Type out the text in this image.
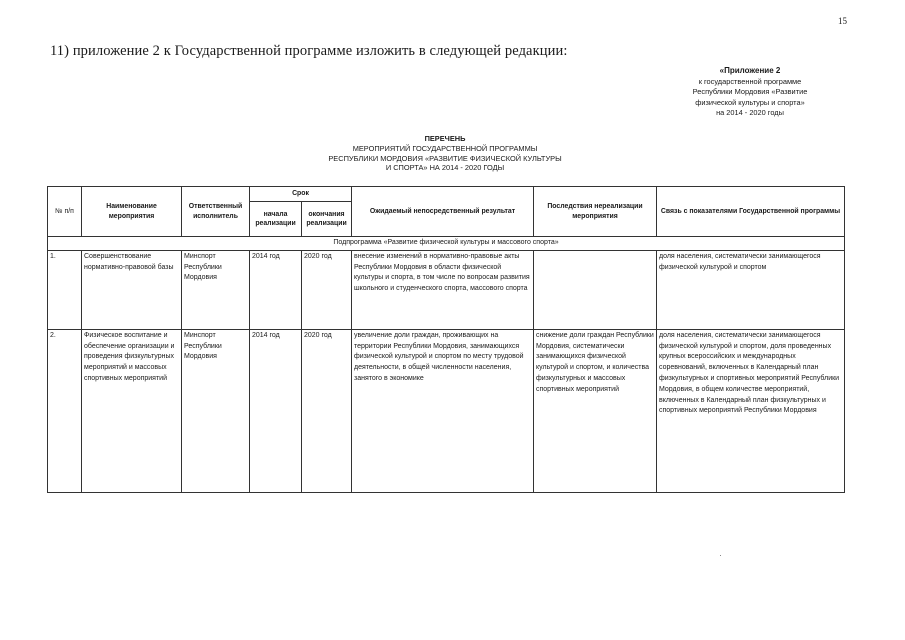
15
11) приложение 2 к Государственной программе изложить в следующей редакции:
«Приложение 2
к государственной программе
Республики Мордовия «Развитие
физической культуры и спорта»
на 2014 - 2020 годы
ПЕРЕЧЕНЬ
МЕРОПРИЯТИЙ ГОСУДАРСТВЕННОЙ ПРОГРАММЫ
РЕСПУБЛИКИ МОРДОВИЯ «РАЗВИТИЕ ФИЗИЧЕСКОЙ КУЛЬТУРЫ
И СПОРТА» НА 2014 - 2020 ГОДЫ
№ п/п	Наименование мероприятия	Ответственный исполнитель	Срок		Ожидаемый непосредственный результат	Последствия нереализации мероприятия	Связь с показателями Государственной программы
			начала реализации	окончания реализации			
Подпрограмма «Развитие физической культуры и массового спорта»							
1.	Совершенствование нормативно-правовой базы	Минспорт Республики Мордовия	2014 год	2020 год	внесение изменений в нормативно-правовые акты Республики Мордовия в области физической культуры и спорта, в том числе по вопросам развития школьного и студенческого спорта, массового спорта		доля населения, систематически занимающегося физической культурой и спортом
2.	Физическое воспитание и обеспечение организации и проведения физкультурных мероприятий и массовых спортивных мероприятий	Минспорт Республики Мордовия	2014 год	2020 год	увеличение доли граждан, проживающих на территории Республики Мордовия, занимающихся физической культурой и спортом по месту трудовой деятельности, в общей численности населения, занятого в экономике	снижение доли граждан Республики Мордовия, систематически занимающихся физической культурой и спортом, и количества физкультурных и массовых спортивных мероприятий	доля населения, систематически занимающегося физической культурой и спортом, доля проведенных крупных всероссийских и международных соревнований, включенных в Календарный план физкультурных и спортивных мероприятий Республики Мордовия, в общем количестве мероприятий, включенных в Календарный план физкультурных и спортивных мероприятий Республики Мордовия
